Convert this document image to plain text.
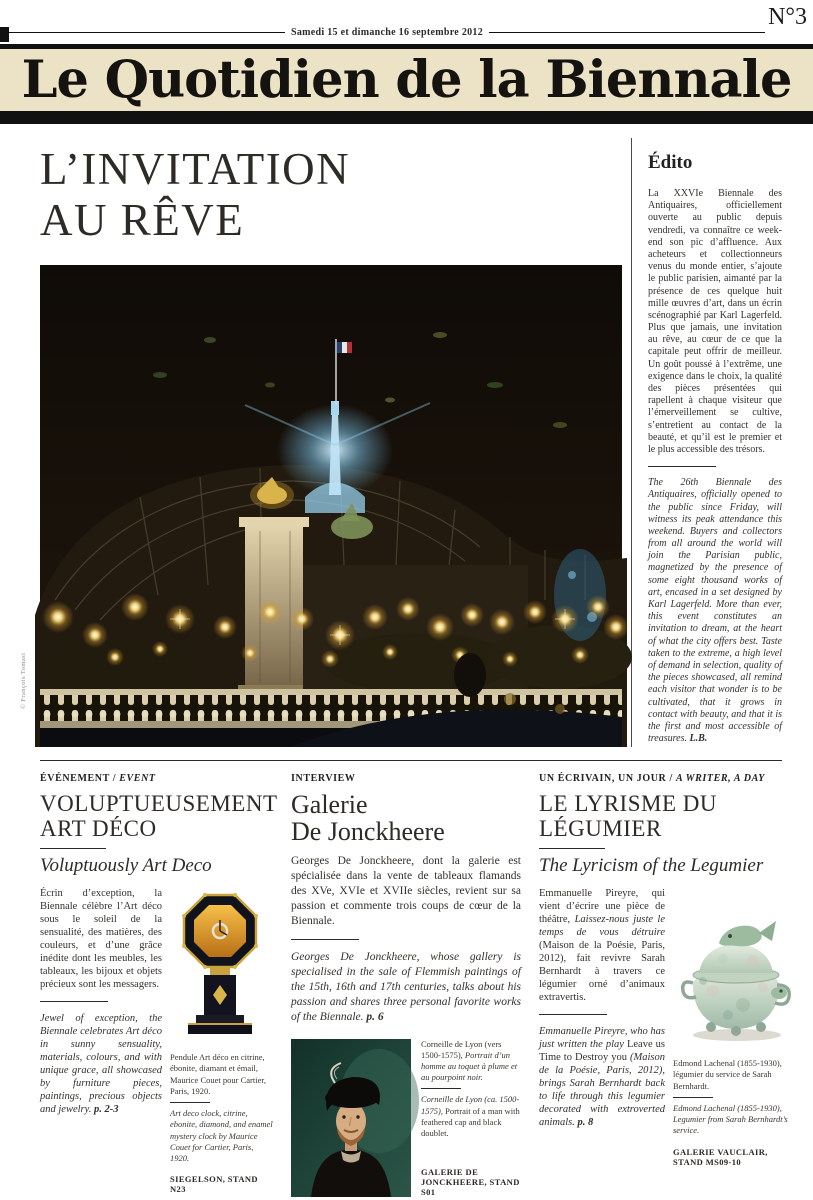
Samedi 15 et dimanche 16 septembre 2012
N°3
Le Quotidien de la Biennale
L’INVITATION
AU RÊVE
© François Tomasi
Édito

La XXVIe Biennale des Antiquaires, officiellement ouverte au public depuis vendredi, va connaître ce week-end son pic d’affluence. Aux acheteurs et collectionneurs venus du monde entier, s’ajoute le public parisien, aimanté par la présence de ces quelque huit mille œuvres d’art, dans un écrin scénographié par Karl Lagerfeld. Plus que jamais, une invitation au rêve, au cœur de ce que la capitale peut offrir de meilleur. Un goût poussé à l’extrême, une exigence dans le choix, la qualité des pièces présentées qui rapellent à chaque visiteur que l’émerveillement se cultive, s’entretient au contact de la beauté, et qu’il est le premier et le plus accessible des trésors.

The 26th Biennale des Antiquaires, officially opened to the public since Friday, will witness its peak attendance this weekend. Buyers and collectors from all around the world will join the Parisian public, magnetized by the presence of some eight thousand works of art, encased in a set designed by Karl Lagerfeld. More than ever, this event constitutes an invitation to dream, at the heart of what the city offers best. Taste taken to the extreme, a high level of demand in selection, quality of the pieces showcased, all remind each visitor that wonder is to be cultivated, that it grows in contact with beauty, and that it is the first and most accessible of treasures. L.B.

ÉVÉNEMENT / EVENT

VOLUPTUEUSEMENT ART DÉCO

Voluptuously Art Deco

Écrin d’exception, la Biennale célèbre l’Art déco sous le soleil de la sensualité, des matières, des couleurs, et d’une grâce inédite dont les meubles, les tableaux, les bijoux et objets précieux sont les messagers.

Jewel of exception, the Biennale celebrates Art déco in sunny sensuality, materials, colours, and with unique grace, all showcased by furniture pieces, paintings, precious objects and jewelry. p. 2-3

Pendule Art déco en citrine, ébonite, diamant et émail, Maurice Couet pour Cartier, Paris, 1920.

Art deco clock, citrine, ebonite, diamond, and enamel mystery clock by Maurice Couet for Cartier, Paris, 1920.

SIEGELSON, STAND N23

INTERVIEW

Galerie
De Jonckheere

Georges De Jonckheere, dont la galerie est spécialisée dans la vente de tableaux flamands des XVe, XVIe et XVIIe siècles, revient sur sa passion et commente trois coups de cœur de la Biennale.

Georges De Jonckheere, whose gallery is specialised in the sale of Flemmish paintings of the 15th, 16th and 17th centuries, talks about his passion and shares three personal favorite works of the Biennale. p. 6

Corneille de Lyon (vers 1500-1575), Portrait d’un homme au toquet à plume et au pourpoint noir.

Corneille de Lyon (ca. 1500-1575), Portrait of a man with feathered cap and black doublet.

GALERIE DE JONCKHEERE, STAND S01

UN ÉCRIVAIN, UN JOUR / A WRITER, A DAY

LE LYRISME DU LÉGUMIER

The Lyricism of the Legumier

Emmanuelle Pireyre, qui vient d’écrire une pièce de théâtre, Laissez-nous juste le temps de vous détruire (Maison de la Poésie, Paris, 2012), fait revivre Sarah Bernhardt à travers ce légumier orné d’animaux extravertis.

Emmanuelle Pireyre, who has just written the play Leave us Time to Destroy you (Maison de la Poésie, Paris, 2012), brings Sarah Bernhardt back to life through this legumier decorated with extroverted animals. p. 8

Edmond Lachenal (1855-1930), légumier du service de Sarah Bernhardt.

Edmond Lachenal (1855-1930), Legumier from Sarah Bernhardt’s service.

GALERIE VAUCLAIR, STAND MS09-10

1
